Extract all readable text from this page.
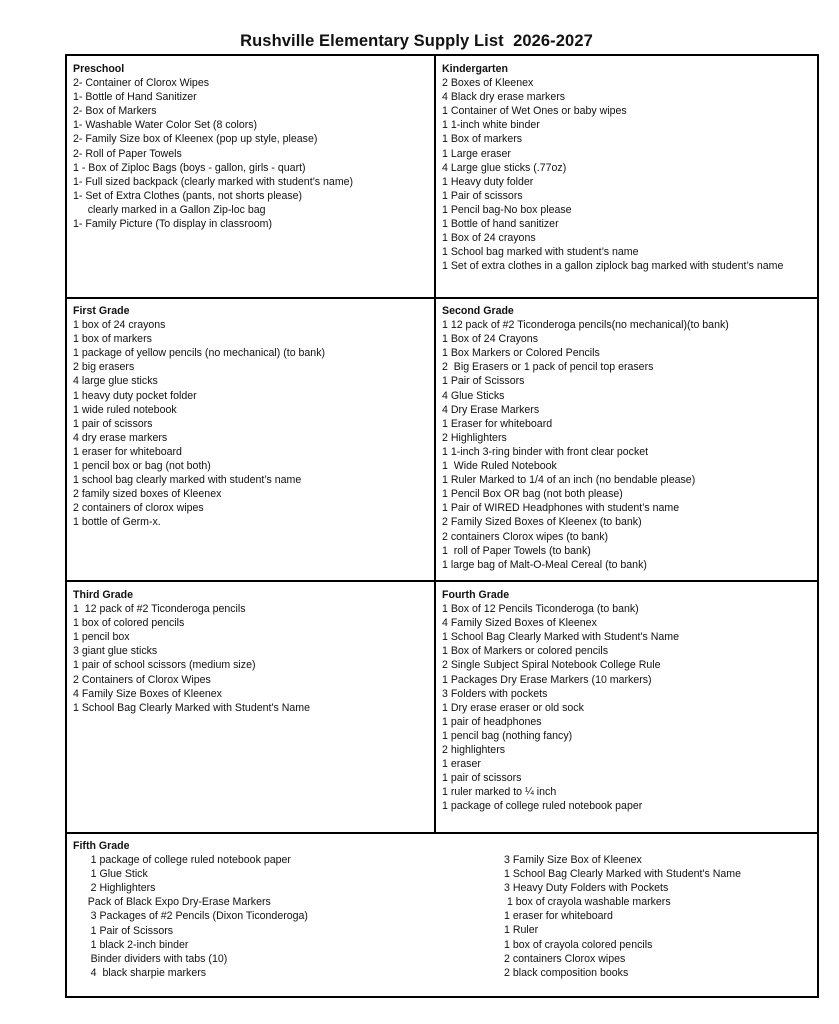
Rushville Elementary Supply List  2026-2027
Preschool
2- Container of Clorox Wipes
1- Bottle of Hand Sanitizer
2- Box of Markers
1- Washable Water Color Set (8 colors)
2- Family Size box of Kleenex (pop up style, please)
2- Roll of Paper Towels
1 - Box of Ziploc Bags (boys - gallon, girls - quart)
1- Full sized backpack (clearly marked with student’s name)
1- Set of Extra Clothes (pants, not shorts please)
clearly marked in a Gallon Zip-loc bag
1- Family Picture (To display in classroom)
Kindergarten
2 Boxes of Kleenex
4 Black dry erase markers
1 Container of Wet Ones or baby wipes
1 1-inch white binder
1 Box of markers
1 Large eraser
4 Large glue sticks (.77oz)
1 Heavy duty folder
1 Pair of scissors
1 Pencil bag-No box please
1 Bottle of hand sanitizer
1 Box of 24 crayons
1 School bag marked with student’s name
1 Set of extra clothes in a gallon ziplock bag marked with student’s name
First Grade
1 box of 24 crayons
1 box of markers
1 package of yellow pencils (no mechanical) (to bank)
2 big erasers
4 large glue sticks
1 heavy duty pocket folder
1 wide ruled notebook
1 pair of scissors
4 dry erase markers
1 eraser for whiteboard
1 pencil box or bag (not both)
1 school bag clearly marked with student’s name
2 family sized boxes of Kleenex
2 containers of clorox wipes
1 bottle of Germ-x.
Second Grade
1 12 pack of #2 Ticonderoga pencils(no mechanical)(to bank)
1 Box of 24 Crayons
1 Box Markers or Colored Pencils
2  Big Erasers or 1 pack of pencil top erasers
1 Pair of Scissors
4 Glue Sticks
4 Dry Erase Markers
1 Eraser for whiteboard
2 Highlighters
1 1-inch 3-ring binder with front clear pocket
1  Wide Ruled Notebook
1 Ruler Marked to 1/4 of an inch (no bendable please)
1 Pencil Box OR bag (not both please)
1 Pair of WIRED Headphones with student’s name
2 Family Sized Boxes of Kleenex (to bank)
2 containers Clorox wipes (to bank)
1  roll of Paper Towels (to bank)
1 large bag of Malt-O-Meal Cereal (to bank)
Third Grade
1  12 pack of #2 Ticonderoga pencils
1 box of colored pencils
1 pencil box
3 giant glue sticks
1 pair of school scissors (medium size)
2 Containers of Clorox Wipes
4 Family Size Boxes of Kleenex
1 School Bag Clearly Marked with Student's Name
Fourth Grade
1 Box of 12 Pencils Ticonderoga (to bank)
4 Family Sized Boxes of Kleenex
1 School Bag Clearly Marked with Student's Name
1 Box of Markers or colored pencils
2 Single Subject Spiral Notebook College Rule
1 Packages Dry Erase Markers (10 markers)
3 Folders with pockets
1 Dry erase eraser or old sock
1 pair of headphones
1 pencil bag (nothing fancy)
2 highlighters
1 eraser
1 pair of scissors
1 ruler marked to ¼ inch
1 package of college ruled notebook paper
Fifth Grade
1 package of college ruled notebook paper
1 Glue Stick
2 Highlighters
Pack of Black Expo Dry-Erase Markers
3 Packages of #2 Pencils (Dixon Ticonderoga)
1 Pair of Scissors
1 black 2-inch binder
Binder dividers with tabs (10)
4  black sharpie markers
3 Family Size Box of Kleenex
1 School Bag Clearly Marked with Student's Name
3 Heavy Duty Folders with Pockets
1 box of crayola washable markers
1 eraser for whiteboard
1 Ruler
1 box of crayola colored pencils
2 containers Clorox wipes
2 black composition books
